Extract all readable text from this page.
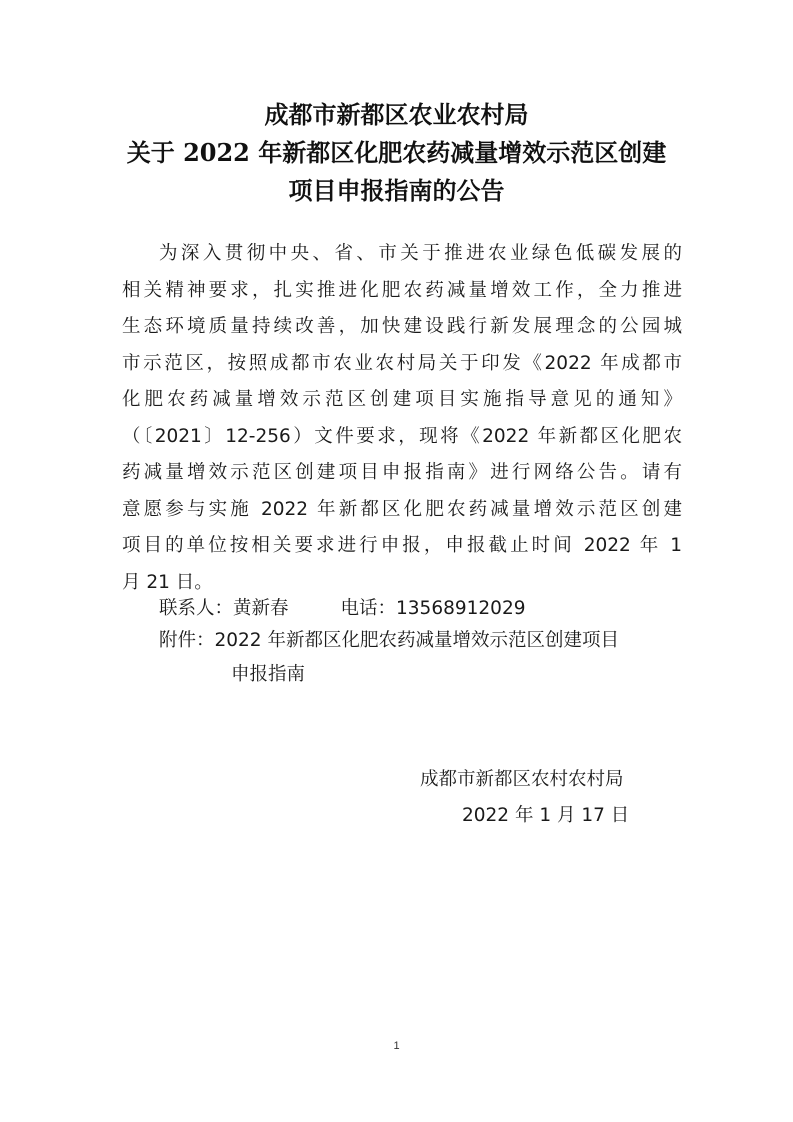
成都市新都区农业农村局
关于 2022 年新都区化肥农药减量增效示范区创建
项目申报指南的公告
为深入贯彻中央、省、市关于推进农业绿色低碳发展的
相关精神要求，扎实推进化肥农药减量增效工作，全力推进
生态环境质量持续改善，加快建设践行新发展理念的公园城
市示范区，按照成都市农业农村局关于印发《2022 年成都市
化肥农药减量增效示范区创建项目实施指导意见的通知》
（〔2021〕12-256）文件要求，现将《2022 年新都区化肥农
药减量增效示范区创建项目申报指南》进行网络公告。请有
意愿参与实施 2022 年新都区化肥农药减量增效示范区创建
项目的单位按相关要求进行申报，申报截止时间 2022 年 1
月 21 日。
联系人：黄新春	电话：13568912029
附件：2022 年新都区化肥农药减量增效示范区创建项目
申报指南
成都市新都区农村农村局
2022 年 1 月 17 日
1
